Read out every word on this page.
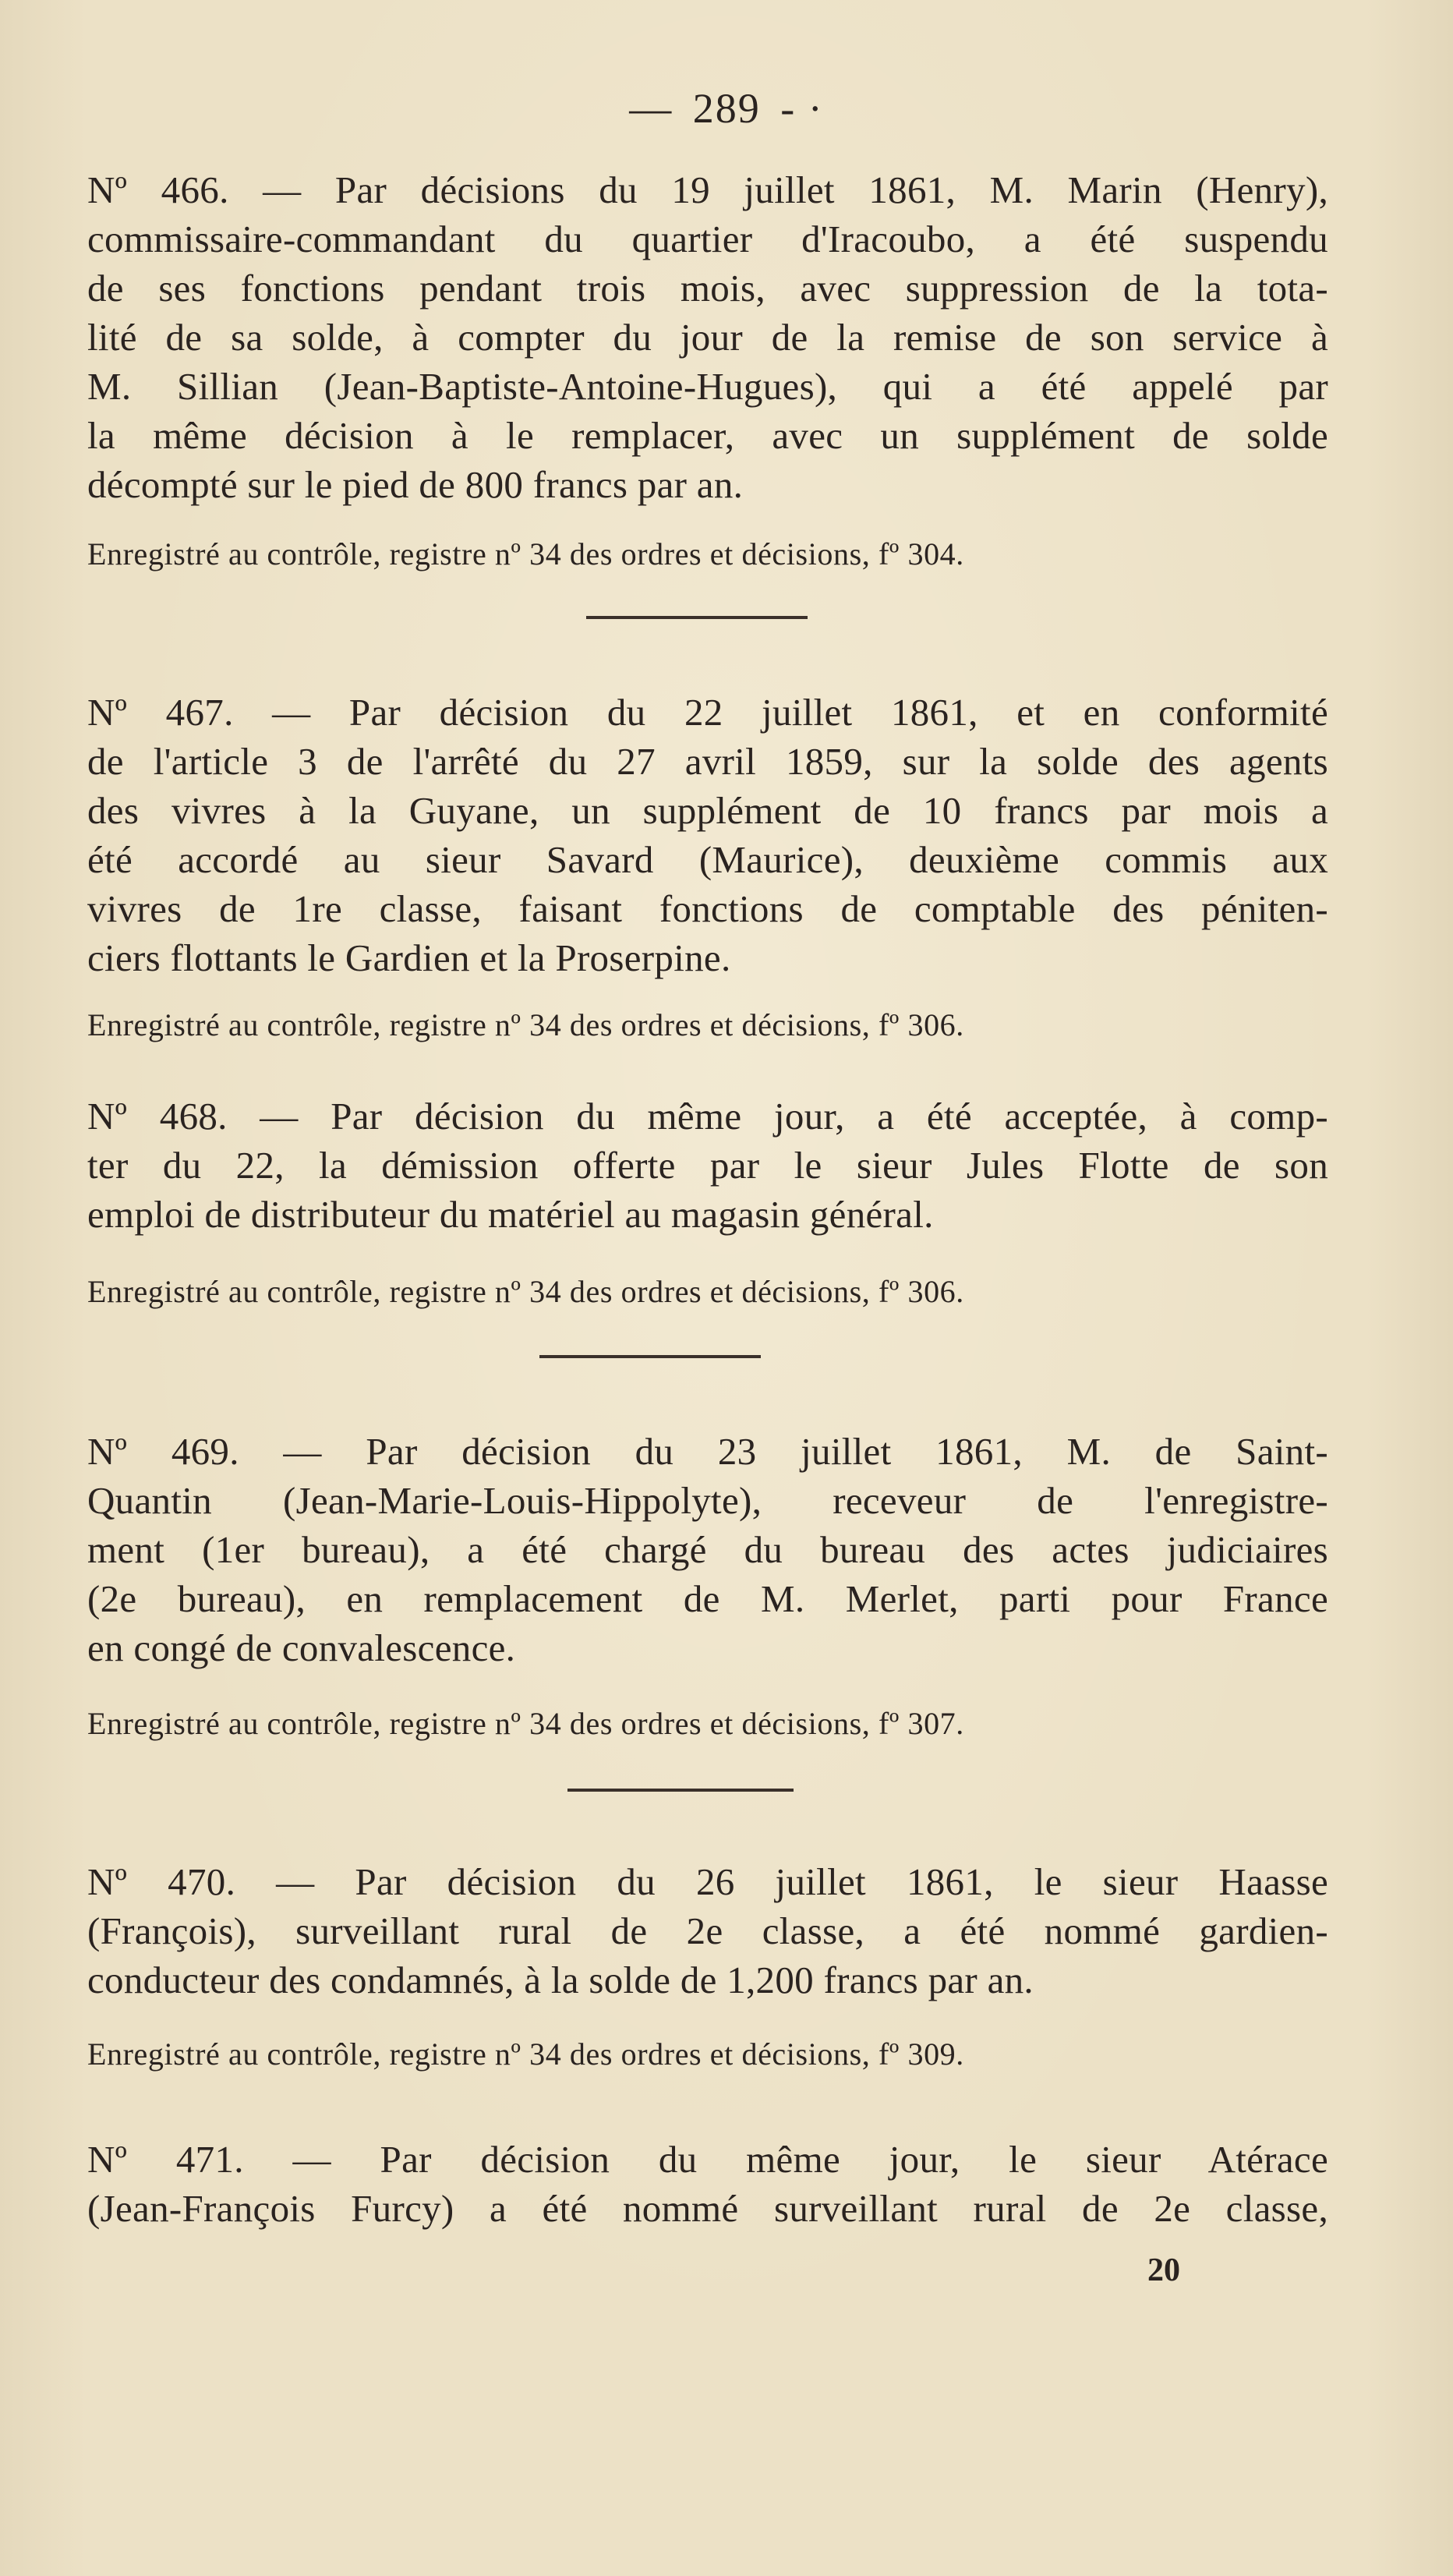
— 289 - ·
Nº 466. — Par décisions du 19 juillet 1861, M. Marin (Henry),
commissaire-commandant du quartier d'Iracoubo, a été suspendu
de ses fonctions pendant trois mois, avec suppression de la tota-
lité de sa solde, à compter du jour de la remise de son service à
M. Sillian (Jean-Baptiste-Antoine-Hugues), qui a été appelé par
la même décision à le remplacer, avec un supplément de solde
décompté sur le pied de 800 francs par an.
Enregistré au contrôle, registre nº 34 des ordres et décisions, fº 304.
Nº 467. — Par décision du 22 juillet 1861, et en conformité
de l'article 3 de l'arrêté du 27 avril 1859, sur la solde des agents
des vivres à la Guyane, un supplément de 10 francs par mois a
été accordé au sieur Savard (Maurice), deuxième commis aux
vivres de 1re classe, faisant fonctions de comptable des péniten-
ciers flottants le Gardien et la Proserpine.
Enregistré au contrôle, registre nº 34 des ordres et décisions, fº 306.
Nº 468. — Par décision du même jour, a été acceptée, à comp-
ter du 22, la démission offerte par le sieur Jules Flotte de son
emploi de distributeur du matériel au magasin général.
Enregistré au contrôle, registre nº 34 des ordres et décisions, fº 306.
Nº 469. — Par décision du 23 juillet 1861, M. de Saint-
Quantin (Jean-Marie-Louis-Hippolyte), receveur de l'enregistre-
ment (1er bureau), a été chargé du bureau des actes judiciaires
(2e bureau), en remplacement de M. Merlet, parti pour France
en congé de convalescence.
Enregistré au contrôle, registre nº 34 des ordres et décisions, fº 307.
Nº 470. — Par décision du 26 juillet 1861, le sieur Haasse
(François), surveillant rural de 2e classe, a été nommé gardien-
conducteur des condamnés, à la solde de 1,200 francs par an.
Enregistré au contrôle, registre nº 34 des ordres et décisions, fº 309.
Nº 471. — Par décision du même jour, le sieur Atérace
(Jean-François Furcy) a été nommé surveillant rural de 2e classe,
20
